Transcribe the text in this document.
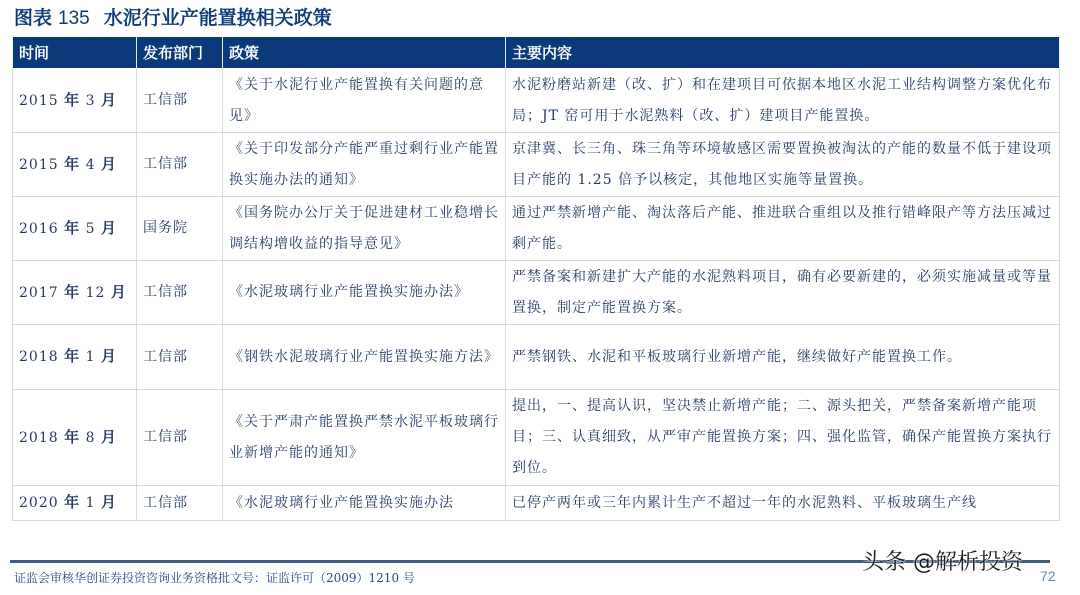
图表 135 水泥行业产能置换相关政策
时间	发布部门	政策	主要内容
2015 年 3 月	工信部	《关于水泥行业产能置换有关问题的意见》	水泥粉磨站新建（改、扩）和在建项目可依据本地区水泥工业结构调整方案优化布局；JT 窑可用于水泥熟料（改、扩）建项目产能置换。
2015 年 4 月	工信部	《关于印发部分产能严重过剩行业产能置换实施办法的通知》	京津冀、长三角、珠三角等环境敏感区需要置换被淘汰的产能的数量不低于建设项目产能的 1.25 倍予以核定，其他地区实施等量置换。
2016 年 5 月	国务院	《国务院办公厅关于促进建材工业稳增长调结构增收益的指导意见》	通过严禁新增产能、淘汰落后产能、推进联合重组以及推行错峰限产等方法压减过剩产能。
2017 年 12 月	工信部	《水泥玻璃行业产能置换实施办法》	严禁备案和新建扩大产能的水泥熟料项目，确有必要新建的，必须实施减量或等量置换，制定产能置换方案。
2018 年 1 月	工信部	《钢铁水泥玻璃行业产能置换实施方法》	严禁钢铁、水泥和平板玻璃行业新增产能，继续做好产能置换工作。
2018 年 8 月	工信部	《关于严肃产能置换严禁水泥平板玻璃行业新增产能的通知》	提出，一、提高认识，坚决禁止新增产能；二、源头把关，严禁备案新增产能项目；三、认真细致，从严审产能置换方案；四、强化监管，确保产能置换方案执行到位。
2020 年 1 月	工信部	《水泥玻璃行业产能置换实施办法	已停产两年或三年内累计生产不超过一年的水泥熟料、平板玻璃生产线
证监会审核华创证券投资咨询业务资格批文号：证监许可（2009）1210 号	72
头条 @解析投资
